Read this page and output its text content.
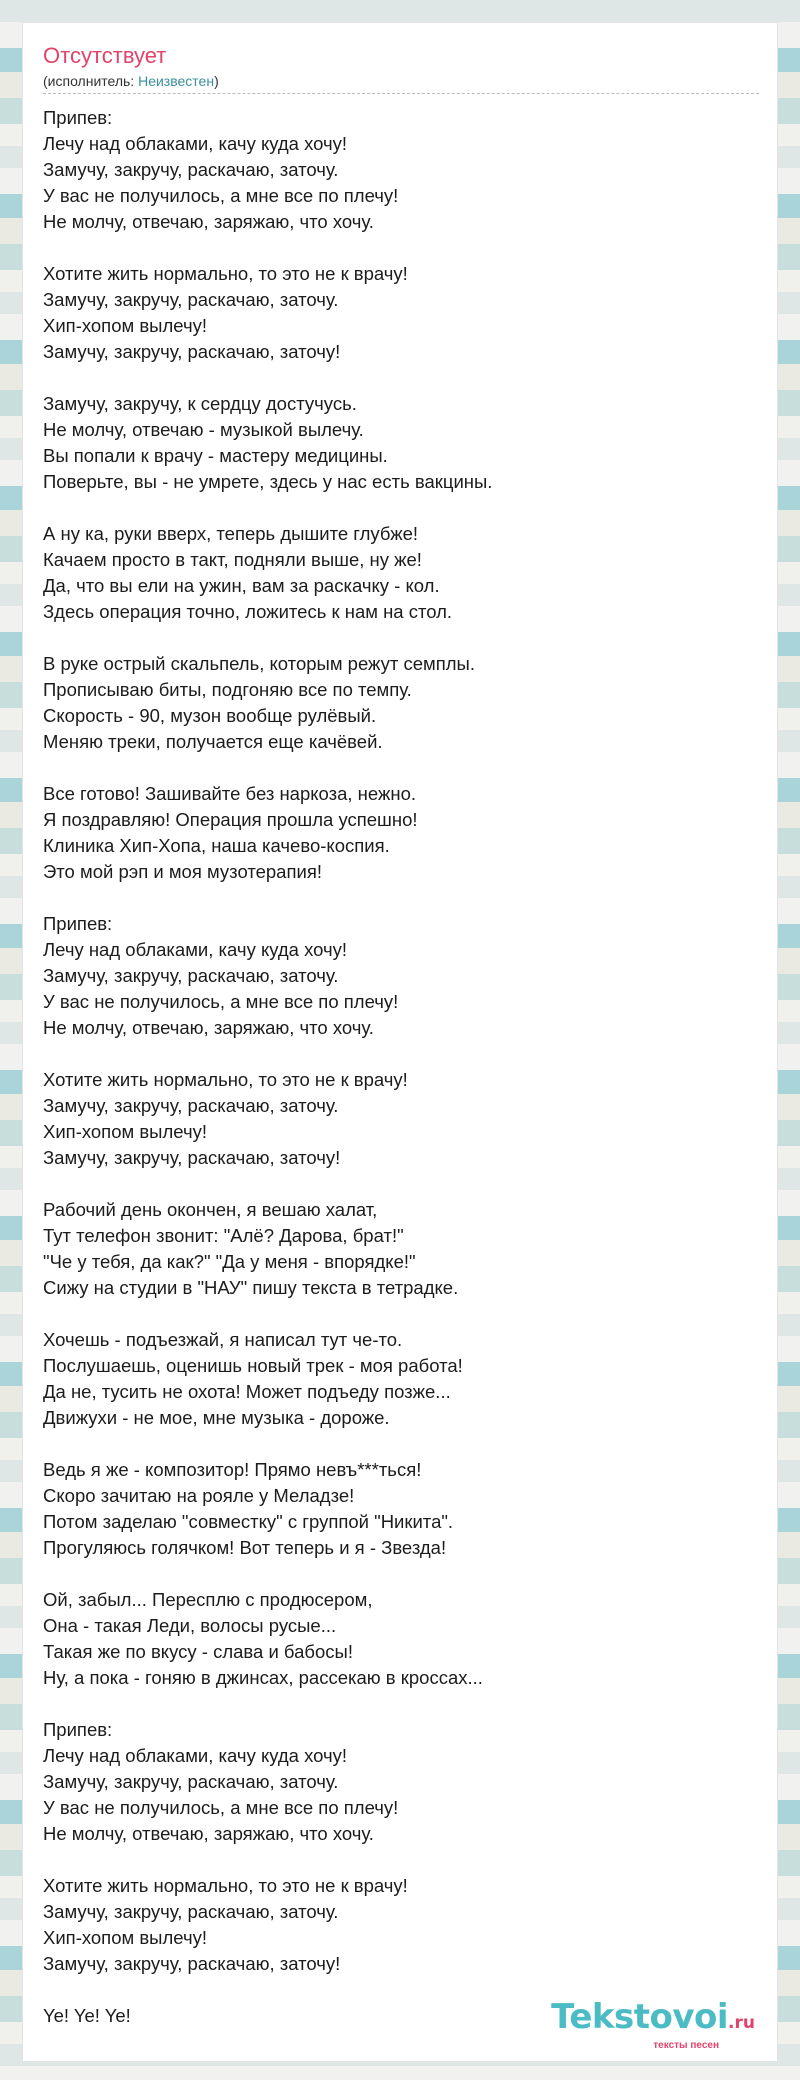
Отсутствует
(исполнитель: Неизвестен)
Припев:
Лечу над облаками, качу куда хочу!
Замучу, закручу, раскачаю, заточу.
У вас не получилось, а мне все по плечу!
Не молчу, отвечаю, заряжаю, что хочу.
Хотите жить нормально, то это не к врачу!
Замучу, закручу, раскачаю, заточу.
Хип-хопом вылечу!
Замучу, закручу, раскачаю, заточу!
Замучу, закручу, к сердцу достучусь.
Не молчу, отвечаю - музыкой вылечу.
Вы попали к врачу - мастеру медицины.
Поверьте, вы - не умрете, здесь у нас есть вакцины.
А ну ка, руки вверх, теперь дышите глубже!
Качаем просто в такт, подняли выше, ну же!
Да, что вы ели на ужин, вам за раскачку - кол.
Здесь операция точно, ложитесь к нам на стол.
В руке острый скальпель, которым режут семплы.
Прописываю биты, подгоняю все по темпу.
Скорость - 90, музон вообще рулёвый.
Меняю треки, получается еще качёвей.
Все готово! Зашивайте без наркоза, нежно.
Я поздравляю! Операция прошла успешно!
Клиника Хип-Хопа, наша качево-коспия.
Это мой рэп и моя музотерапия!
Припев:
Лечу над облаками, качу куда хочу!
Замучу, закручу, раскачаю, заточу.
У вас не получилось, а мне все по плечу!
Не молчу, отвечаю, заряжаю, что хочу.
Хотите жить нормально, то это не к врачу!
Замучу, закручу, раскачаю, заточу.
Хип-хопом вылечу!
Замучу, закручу, раскачаю, заточу!
Рабочий день окончен, я вешаю халат,
Тут телефон звонит: "Алё? Дарова, брат!"
"Че у тебя, да как?" "Да у меня - впорядке!"
Сижу на студии в "НАУ" пишу текста в тетрадке.
Хочешь - подъезжай, я написал тут че-то.
Послушаешь, оценишь новый трек - моя работа!
Да не, тусить не охота! Может подъеду позже...
Движухи - не мое, мне музыка - дороже.
Ведь я же - композитор! Прямо невъ***ться!
Скоро зачитаю на рояле у Меладзе!
Потом заделаю "совместку" с группой "Никита".
Прогуляюсь голячком! Вот теперь и я - Звезда!
Ой, забыл... Пересплю с продюсером,
Она - такая Леди, волосы русые...
Такая же по вкусу - слава и бабосы!
Ну, а пока - гоняю в джинсах, рассекаю в кроссах...
Припев:
Лечу над облаками, качу куда хочу!
Замучу, закручу, раскачаю, заточу.
У вас не получилось, а мне все по плечу!
Не молчу, отвечаю, заряжаю, что хочу.
Хотите жить нормально, то это не к врачу!
Замучу, закручу, раскачаю, заточу.
Хип-хопом вылечу!
Замучу, закручу, раскачаю, заточу!
Ye! Ye! Ye!	Tekstovoi.ru
тексты песен
